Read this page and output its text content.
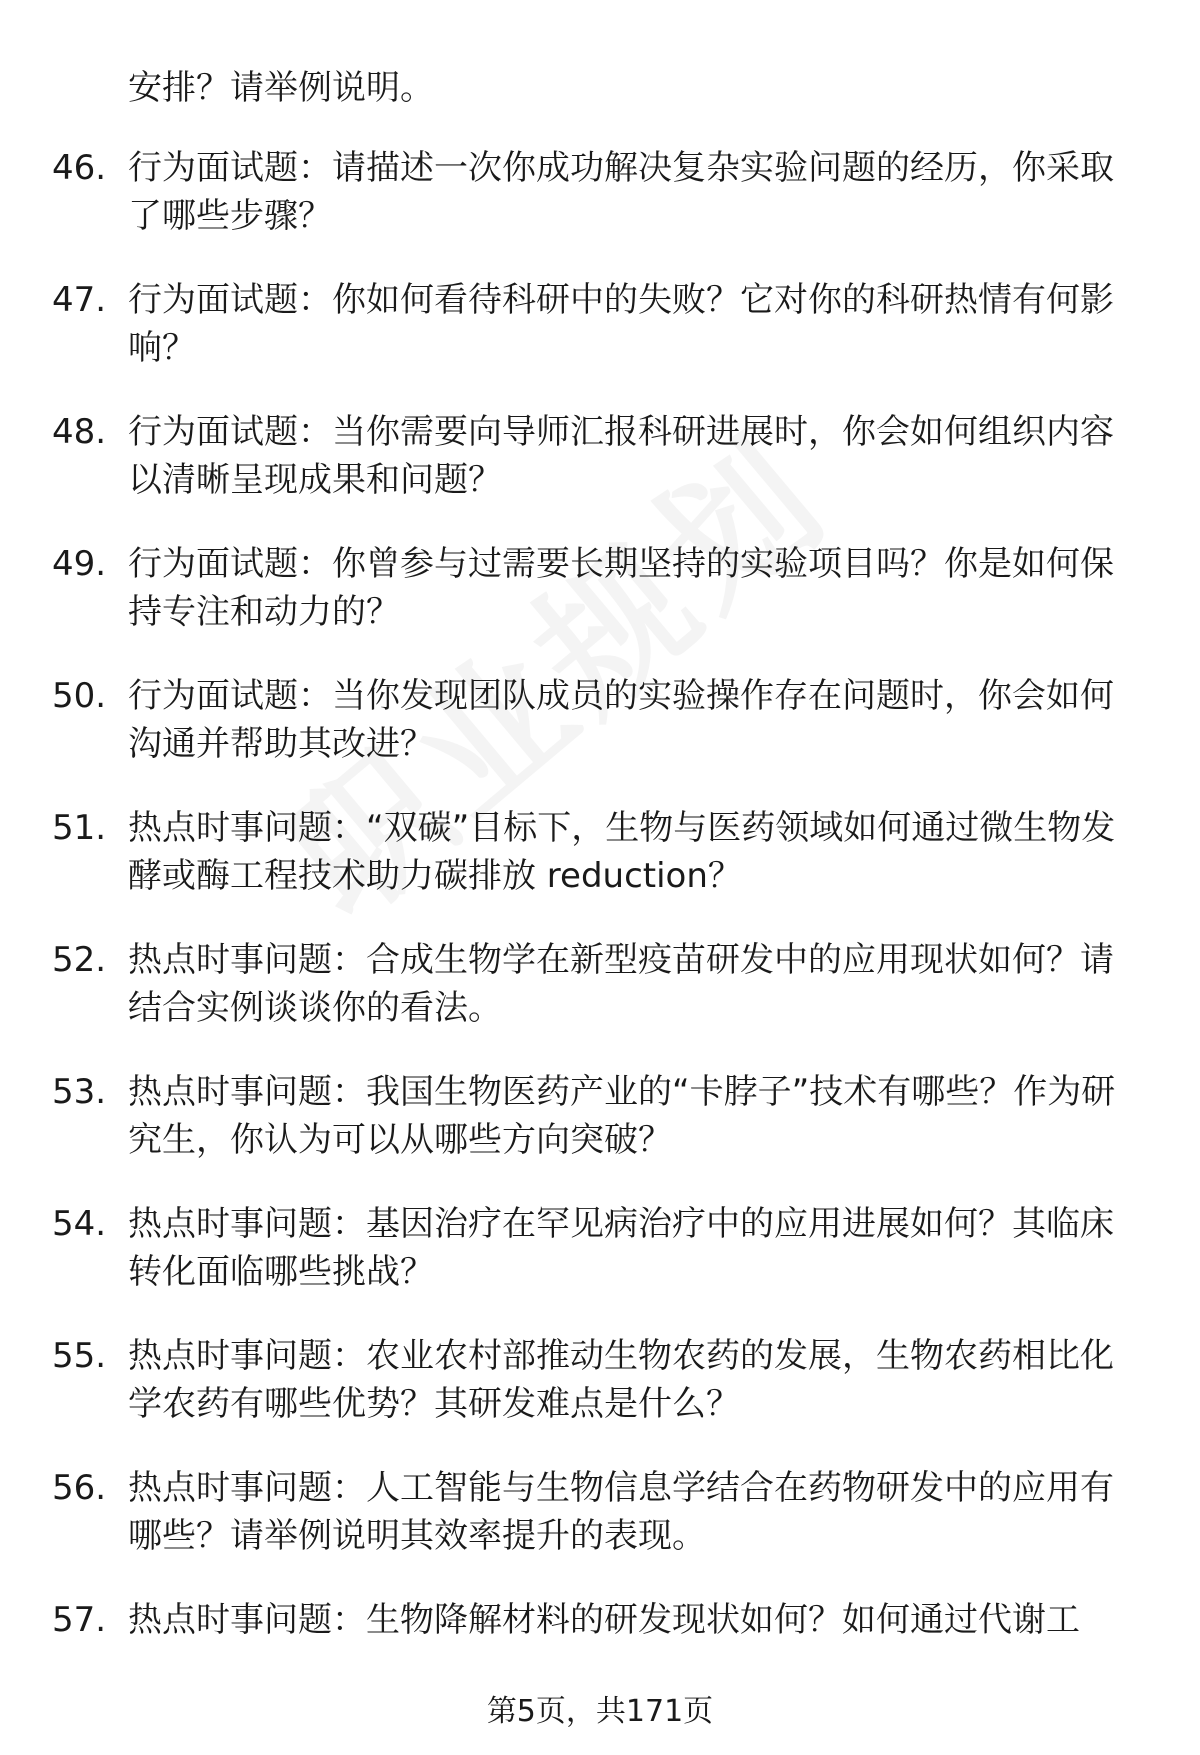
安排？请举例说明。
46. 行为面试题：请描述一次你成功解决复杂实验问题的经历，你采取了哪些步骤？
47. 行为面试题：你如何看待科研中的失败？它对你的科研热情有何影响？
48. 行为面试题：当你需要向导师汇报科研进展时，你会如何组织内容以清晰呈现成果和问题？
49. 行为面试题：你曾参与过需要长期坚持的实验项目吗？你是如何保持专注和动力的？
50. 行为面试题：当你发现团队成员的实验操作存在问题时，你会如何沟通并帮助其改进？
51. 热点时事问题：“双碳”目标下，生物与医药领域如何通过微生物发酵或酶工程技术助力碳排放 reduction？
52. 热点时事问题：合成生物学在新型疫苗研发中的应用现状如何？请结合实例谈谈你的看法。
53. 热点时事问题：我国生物医药产业的“卡脖子”技术有哪些？作为研究生，你认为可以从哪些方向突破？
54. 热点时事问题：基因治疗在罕见病治疗中的应用进展如何？其临床转化面临哪些挑战？
55. 热点时事问题：农业农村部推动生物农药的发展，生物农药相比化学农药有哪些优势？其研发难点是什么？
56. 热点时事问题：人工智能与生物信息学结合在药物研发中的应用有哪些？请举例说明其效率提升的表现。
57. 热点时事问题：生物降解材料的研发现状如何？如何通过代谢工
第5页，共171页
